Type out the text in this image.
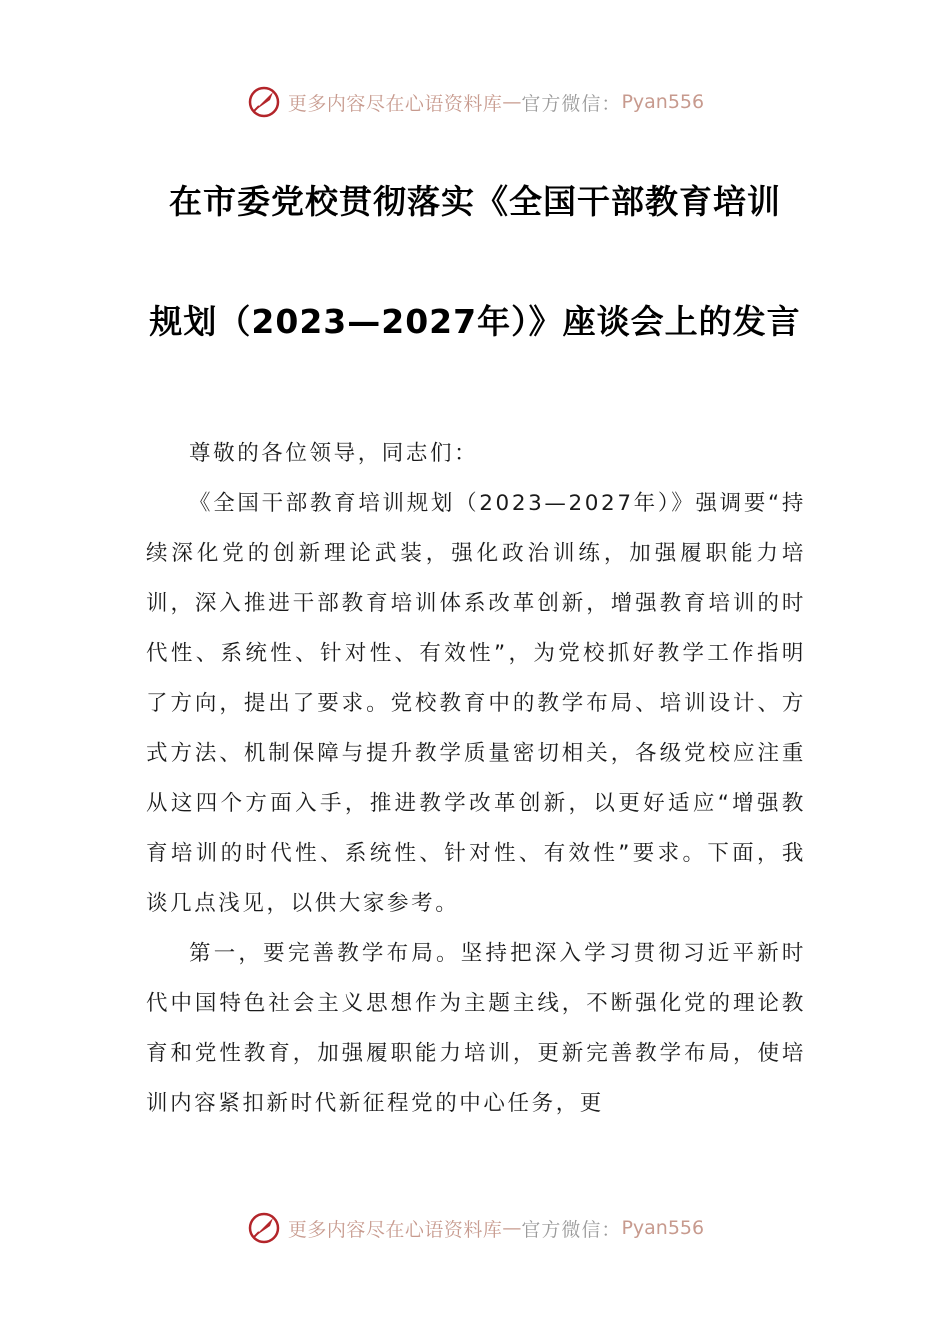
更多内容尽在心语资料库 — 官方微信： Pyan556
在市委党校贯彻落实《全国干部教育培训
规划（2023—2027年）》座谈会上的发言

尊敬的各位领导，同志们：

《全国干部教育培训规划（2023—2027年）》强调要“持续深化党的创新理论武装，强化政治训练，加强履职能力培训，深入推进干部教育培训体系改革创新，增强教育培训的时代性、系统性、针对性、有效性”，为党校抓好教学工作指明了方向，提出了要求。党校教育中的教学布局、培训设计、方式方法、机制保障与提升教学质量密切相关，各级党校应注重从这四个方面入手，推进教学改革创新，以更好适应“增强教育培训的时代性、系统性、针对性、有效性”要求。下面，我谈几点浅见，以供大家参考。

第一，要完善教学布局。坚持把深入学习贯彻习近平新时代中国特色社会主义思想作为主题主线，不断强化党的理论教育和党性教育，加强履职能力培训，更新完善教学布局，使培训内容紧扣新时代新征程党的中心任务，更

更多内容尽在心语资料库 — 官方微信： Pyan556
